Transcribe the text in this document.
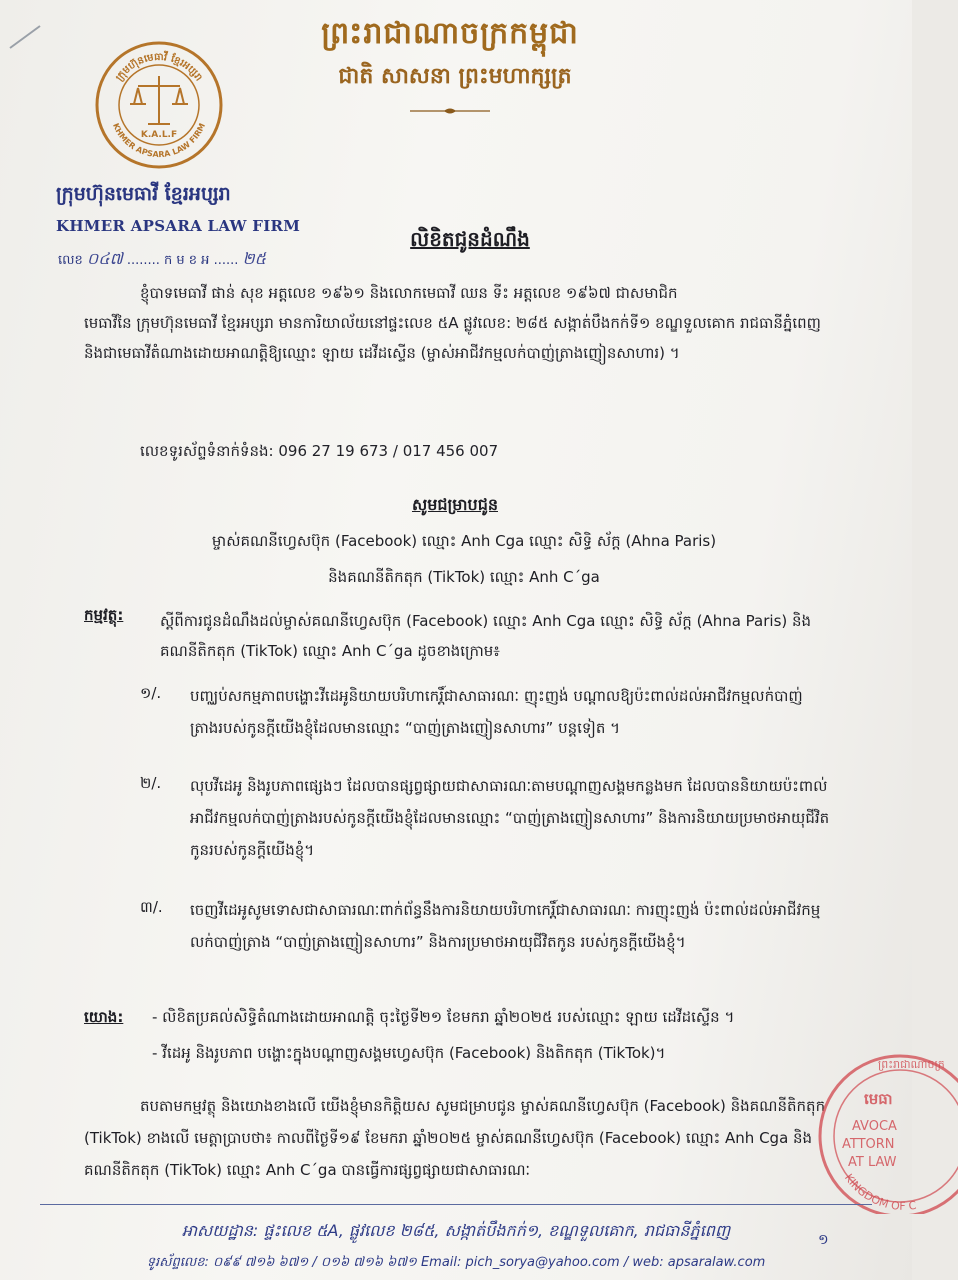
ព្រះរាជាណាចក្រកម្ពុជា
ជាតិ សាសនា ព្រះមហាក្សត្រ
ក្រុមហ៊ុនមេធាវី ខ្មែរអប្សរា
KHMER APSARA LAW FIRM
K.A.L.F
ក្រុមហ៊ុនមេធាវី ខ្មែរអប្សរា
KHMER APSARA LAW FIRM
លេខ ០៤៧ ........ ក ម ខ អ ...... ២៥
លិខិតជូនដំណឹង
ខ្ញុំបាទមេធាវី ផាន់ សុខ អត្តលេខ ១៩៦១ និងលោកមេធាវី ឈន ទីះ អត្តលេខ ១៩៦៧ ជាសមាជិក
មេធាវីនៃ ក្រុមហ៊ុនមេធាវី ខ្មែរអប្សរា មានការិយាល័យនៅផ្ទះលេខ ៥A ផ្លូវលេខ: ២៨៥ សង្កាត់បឹងកក់ទី១ ខណ្ឌទួលគោក រាជធានីភ្នំពេញ និងជាមេធាវីតំណាងដោយអាណត្តិឱ្យឈ្មោះ ឡាយ ដេវីដស្ទើន (ម្ចាស់អាជីវកម្មលក់បាញ់ត្រាងញៀនសាហារ) ។
លេខទូរស័ព្ទទំនាក់ទំនង: 096 27 19 673 / 017 456 007
សូមជម្រាបជូន
ម្ចាស់គណនីហ្វេសប៊ុក (Facebook) ឈ្មោះ Anh Cga ឈ្មោះ សិទ្ធិ ស័ក្ត (Ahna Paris)
និងគណនីតិកតុក (TikTok) ឈ្មោះ Anh C´ga
កម្មវត្ថុ: ស្តីពីការជូនដំណឹងដល់ម្ចាស់គណនីហ្វេសប៊ុក (Facebook) ឈ្មោះ Anh Cga ឈ្មោះ សិទ្ធិ ស័ក្ត (Ahna Paris) និងគណនីតិកតុក (TikTok) ឈ្មោះ Anh C´ga ដូចខាងក្រោម៖
១/. បញ្ឈប់សកម្មភាពបង្ហោះវីដេអូនិយាយបរិហាកេរ្តិ៍ជាសាធារណៈ ញុះញង់ បណ្តាលឱ្យប៉ះពាល់ដល់អាជីវកម្មលក់បាញ់ត្រាងរបស់កូនក្តីយើងខ្ញុំដែលមានឈ្មោះ “បាញ់ត្រាងញៀនសាហារ” បន្តទៀត ។
២/. លុបវីដេអូ និងរូបភាពផ្សេងៗ ដែលបានផ្សព្វផ្សាយជាសាធារណៈតាមបណ្តាញសង្គមកន្លងមក ដែលបាននិយាយប៉ះពាល់អាជីវកម្មលក់បាញ់ត្រាងរបស់កូនក្តីយើងខ្ញុំដែលមានឈ្មោះ “បាញ់ត្រាងញៀនសាហារ” និងការនិយាយប្រមាថអាយុជីវិតកូនរបស់កូនក្តីយើងខ្ញុំ។
៣/. ចេញវីដេអូសូមទោសជាសាធារណៈពាក់ព័ន្ធនឹងការនិយាយបរិហាកេរ្តិ៍ជាសាធារណៈ ការញុះញង់ ប៉ះពាល់ដល់អាជីវកម្មលក់បាញ់ត្រាង “បាញ់ត្រាងញៀនសាហារ” និងការប្រមាថអាយុជីវិតកូន របស់កូនក្តីយើងខ្ញុំ។
យោង: - លិខិតប្រគល់សិទ្ធិតំណាងដោយអាណត្តិ ចុះថ្ងៃទី២១ ខែមករា ឆ្នាំ២០២៥ របស់ឈ្មោះ ឡាយ ដេវីដស្ទើន ។
- វីដេអូ និងរូបភាព បង្ហោះក្នុងបណ្តាញសង្គមហ្វេសប៊ុក (Facebook) និងតិកតុក (TikTok)។
តបតាមកម្មវត្ថុ និងយោងខាងលើ យើងខ្ញុំមានកិត្តិយស សូមជម្រាបជូន ម្ចាស់គណនីហ្វេសប៊ុក (Facebook) និងគណនីតិកតុក (TikTok) ខាងលើ មេត្តាប្រាបថា៖ កាលពីថ្ងៃទី១៩ ខែមករា ឆ្នាំ២០២៥ ម្ចាស់គណនីហ្វេសប៊ុក (Facebook) ឈ្មោះ Anh Cga និងគណនីតិកតុក (TikTok) ឈ្មោះ Anh C´ga បានធ្វើការផ្សព្វផ្សាយជាសាធារណៈ
ព្រះរាជាណាចក្រ
មេធា
AVOCA
ATTORN
AT LAW
KINGDOM OF C
អាសយដ្ឋាន: ផ្ទះលេខ ៥A, ផ្លូវលេខ ២៨៥, សង្កាត់បឹងកក់១, ខណ្ឌទួលគោក, រាជធានីភ្នំពេញ	១
ទូរស័ព្ទលេខ: ០៩៩ ៧១៦ ៦៧១ / ០១៦ ៧១៦ ៦៧១ Email: pich_sorya@yahoo.com / web: apsaralaw.com
